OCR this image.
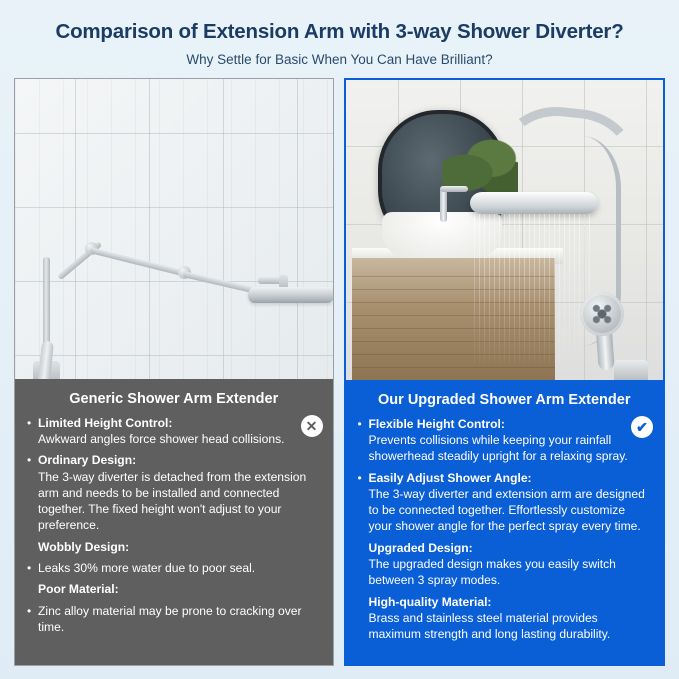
Comparison of Extension Arm with 3-way Shower Diverter?
Why Settle for Basic When You Can Have Brilliant?
Generic Shower Arm Extender
✕
• Limited Height Control:
Awkward angles force shower head collisions.
• Ordinary Design:
The 3-way diverter is detached from the extension arm and needs to be installed and connected together. The fixed height won't adjust to your preference.
Wobbly Design:
• Leaks 30% more water due to poor seal.
Poor Material:
• Zinc alloy material may be prone to cracking over time.
Our Upgraded Shower Arm Extender
✔
• Flexible Height Control:
Prevents collisions while keeping your rainfall showerhead steadily upright for a relaxing spray.
• Easily Adjust Shower Angle:
The 3-way diverter and extension arm are designed to be connected together. Effortlessly customize your shower angle for the perfect spray every time.
Upgraded Design:
The upgraded design makes you easily switch between 3 spray modes.
High-quality Material:
Brass and stainless steel material provides maximum strength and long lasting durability.
